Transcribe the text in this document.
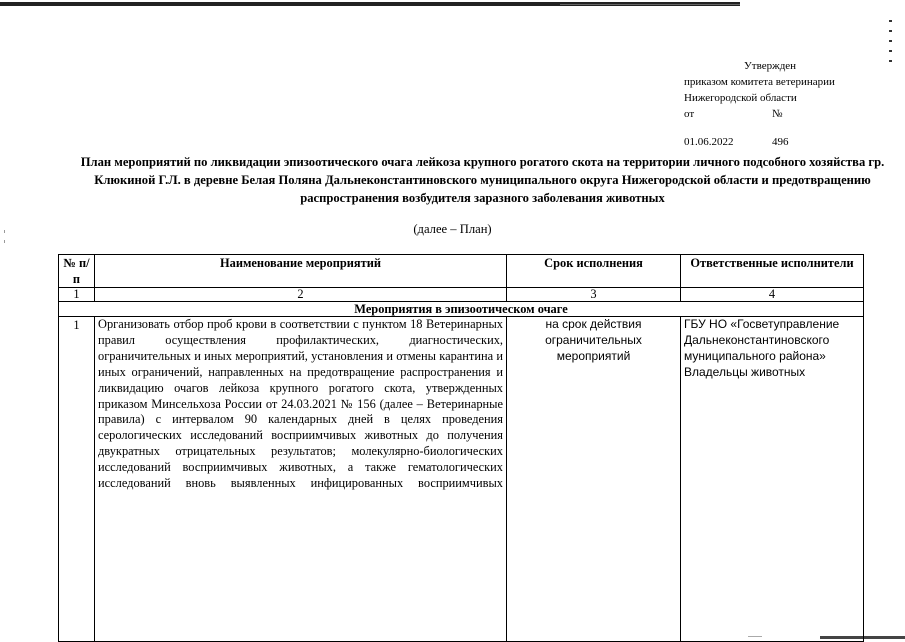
Утвержден
приказом комитета ветеринарии
Нижегородской области
от	№
01.06.2022	496
План мероприятий по ликвидации эпизоотического очага лейкоза крупного рогатого скота на территории личного подсобного хозяйства гр. Клюкиной Г.Л. в деревне Белая Поляна Дальнеконстантиновского муниципального округа Нижегородской области и предотвращению распространения возбудителя заразного заболевания животных
(далее – План)
№ п/п	Наименование мероприятий	Срок исполнения	Ответственные исполнители
1	2	3	4
Мероприятия в эпизоотическом очаге			
1	Организовать отбор проб крови в соответствии с пунктом 18 Ветеринарных правил осуществления профилактических, диагностических, ограничительных и иных мероприятий, установления и отмены карантина и иных ограничений, направленных на предотвращение распространения и ликвидацию очагов лейкоза крупного рогатого скота, утвержденных приказом Минсельхоза России от 24.03.2021 № 156 (далее – Ветеринарные правила) с интервалом 90 календарных дней в целях проведения серологических исследований восприимчивых животных до получения двукратных отрицательных результатов; молекулярно-биологических исследований восприимчивых животных, а также гематологических исследований вновь выявленных инфицированных восприимчивых	на срок действия ограничительных мероприятий	ГБУ НО «Госветуправление Дальнеконстантиновского муниципального района» Владельцы животных
